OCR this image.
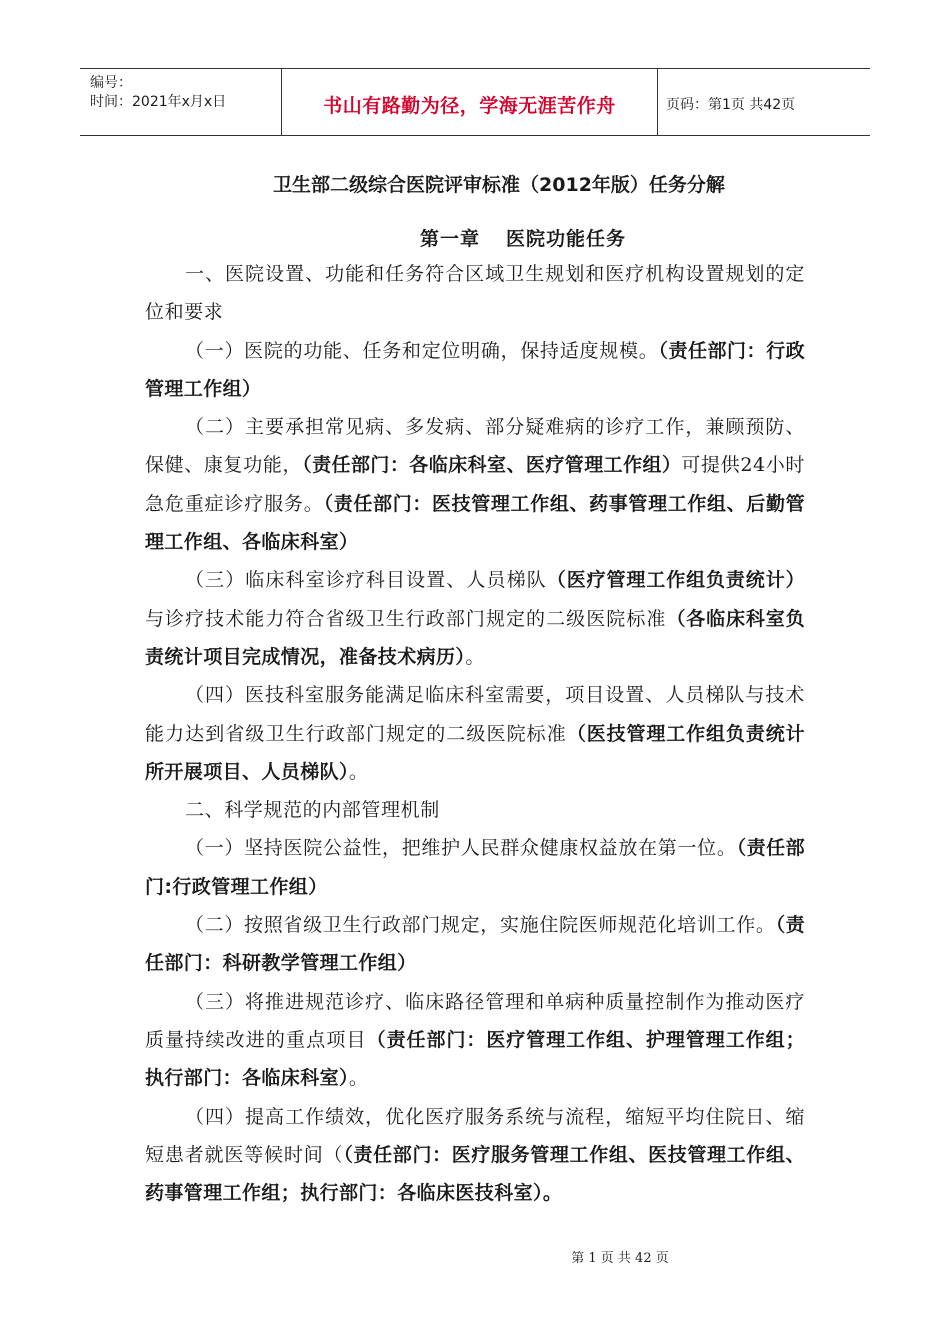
编号：
时间：2021年x月x日	书山有路勤为径，学海无涯苦作舟	页码：第1页 共42页
卫生部二级综合医院评审标准（2012年版）任务分解
第一章 医院功能任务

一、医院设置、功能和任务符合区域卫生规划和医疗机构设置规划的定位和要求

（一）医院的功能、任务和定位明确，保持适度规模。（责任部门：行政管理工作组）

（二）主要承担常见病、多发病、部分疑难病的诊疗工作，兼顾预防、保健、康复功能，（责任部门：各临床科室、医疗管理工作组）可提供24小时急危重症诊疗服务。（责任部门：医技管理工作组、药事管理工作组、后勤管理工作组、各临床科室）

（三）临床科室诊疗科目设置、人员梯队（医疗管理工作组负责统计）与诊疗技术能力符合省级卫生行政部门规定的二级医院标准（各临床科室负责统计项目完成情况，准备技术病历）。

（四）医技科室服务能满足临床科室需要，项目设置、人员梯队与技术能力达到省级卫生行政部门规定的二级医院标准（医技管理工作组负责统计所开展项目、人员梯队）。

二、科学规范的内部管理机制

（一）坚持医院公益性，把维护人民群众健康权益放在第一位。（责任部门:行政管理工作组）

（二）按照省级卫生行政部门规定，实施住院医师规范化培训工作。（责任部门：科研教学管理工作组）

（三）将推进规范诊疗、临床路径管理和单病种质量控制作为推动医疗质量持续改进的重点项目（责任部门：医疗管理工作组、护理管理工作组；执行部门：各临床科室）。

（四）提高工作绩效，优化医疗服务系统与流程，缩短平均住院日、缩短患者就医等候时间（（责任部门：医疗服务管理工作组、医技管理工作组、药事管理工作组；执行部门：各临床医技科室）。

第 1 页 共 42 页
